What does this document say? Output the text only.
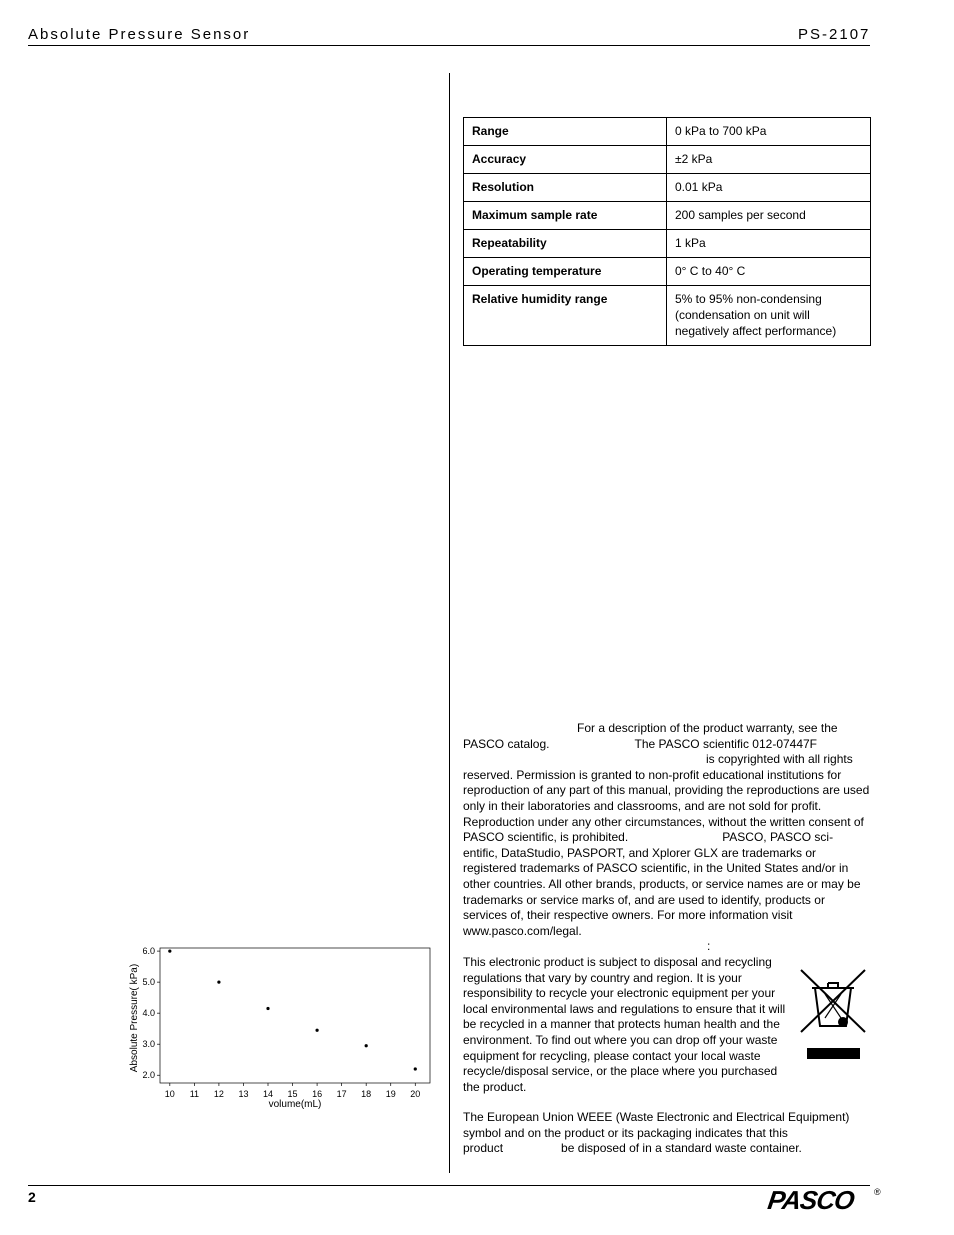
Absolute Pressure Sensor	PS-2107
Range	0 kPa to 700 kPa
Accuracy	±2 kPa
Resolution	0.01 kPa
Maximum sample rate	200 samples per second
Repeatability	1 kPa
Operating temperature	0° C to 40° C
Relative humidity range	5% to 95% non-condensing (condensation on unit will negatively affect performance)
For a description of the product warranty, see the
PASCO catalog.	The PASCO scientific 012-07447F
is copyrighted with all rights
reserved. Permission is granted to non-profit educational institutions for reproduction of any part of this manual, providing the reproductions are used only in their laboratories and classrooms, and are not sold for profit. Reproduction under any other circumstances, without the written consent of PASCO scientific, is prohibited.	PASCO, PASCO sci- entific, DataStudio, PASPORT, and Xplorer GLX are trademarks or registered trademarks of PASCO scientific, in the United States and/or in other countries. All other brands, products, or service names are or may be trademarks or service marks of, and are used to identify, products or services of, their respective owners. For more information visit www.pasco.com/legal.
:
This electronic product is subject to disposal and recycling regulations that vary by country and region. It is your responsibility to recycle your electronic equipment per your local environmental laws and regulations to ensure that it will be recycled in a manner that protects human health and the environment. To find out where you can drop off your waste equipment for recycling, please contact your local waste recycle/disposal service, or the place where you purchased the product.
The European Union WEEE (Waste Electronic and Electrical Equipment) symbol and on the product or its packaging indicates that this
product	be disposed of in a standard waste container.
10 11 12 13 14 15 16 17 18 19 20
2.0
3.0
4.0
5.0
6.0
volume(mL)
Absolute Pressure( kPa)
2	PASCO ®
